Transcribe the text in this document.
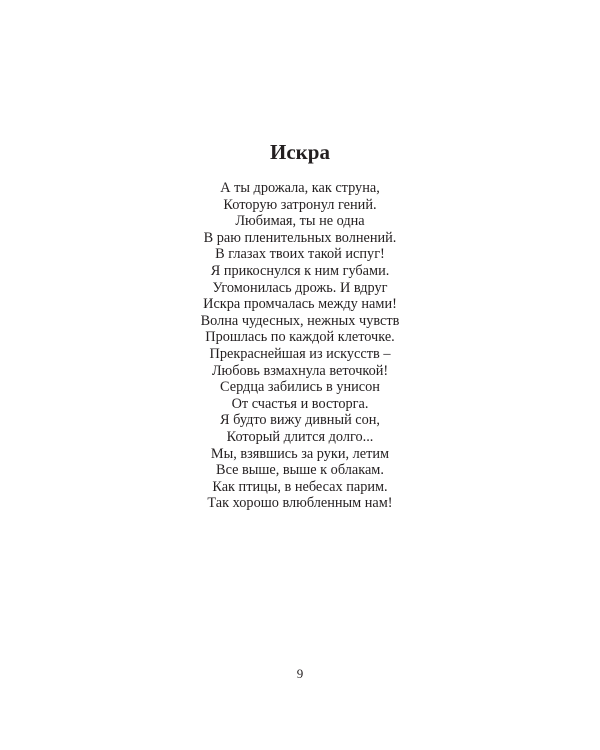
Искра
А ты дрожала, как струна,
Которую затронул гений.
Любимая, ты не одна
В раю пленительных волнений.
В глазах твоих такой испуг!
Я прикоснулся к ним губами.
Угомонилась дрожь. И вдруг
Искра промчалась между нами!
Волна чудесных, нежных чувств
Прошлась по каждой клеточке.
Прекраснейшая из искусств –
Любовь взмахнула веточкой!
Сердца забились в унисон
От счастья и восторга.
Я будто вижу дивный сон,
Который длится долго...
Мы, взявшись за руки, летим
Все выше, выше к облакам.
Как птицы, в небесах парим.
Так хорошо влюбленным нам!
9
